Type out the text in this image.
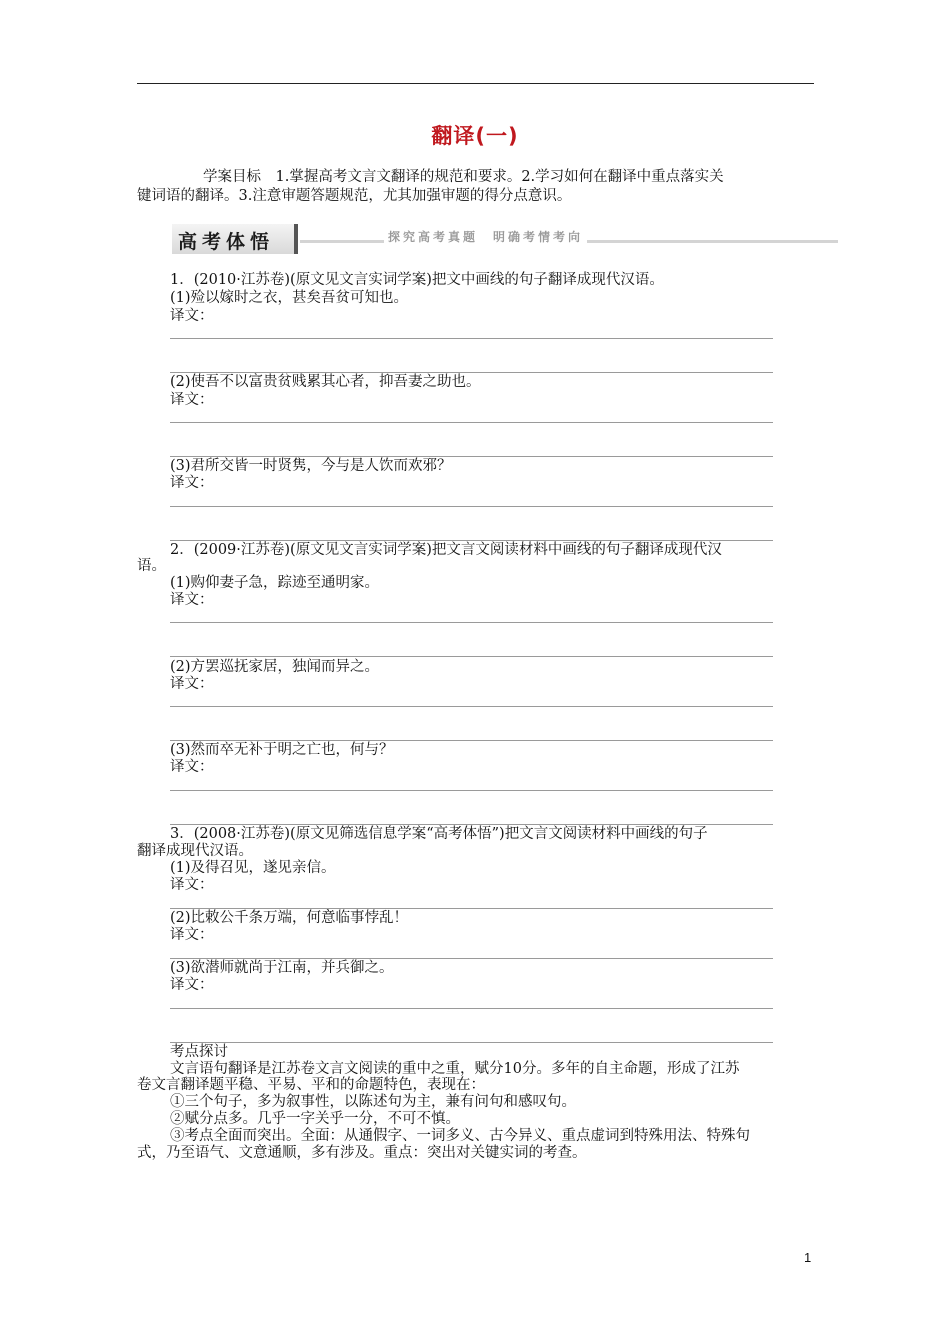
翻译(一)
学案目标　1.掌握高考文言文翻译的规范和要求。2.学习如何在翻译中重点落实关
键词语的翻译。3.注意审题答题规范，尤其加强审题的得分点意识。
高考体悟	探究高考真题　明确考情考向
1．(2010·江苏卷)(原文见文言实词学案)把文中画线的句子翻译成现代汉语。
(1)殓以嫁时之衣，甚矣吾贫可知也。
译文：
(2)使吾不以富贵贫贱累其心者，抑吾妻之助也。
译文：
(3)君所交皆一时贤隽，今与是人饮而欢邪？
译文：
2．(2009·江苏卷)(原文见文言实词学案)把文言文阅读材料中画线的句子翻译成现代汉
语。
(1)购仰妻子急，踪迹至通明家。
译文：
(2)方罢巡抚家居，独闻而异之。
译文：
(3)然而卒无补于明之亡也，何与？
译文：
3．(2008·江苏卷)(原文见筛选信息学案“高考体悟”)把文言文阅读材料中画线的句子
翻译成现代汉语。
(1)及得召见，遂见亲信。
译文：
(2)比敕公千条万端，何意临事悖乱！
译文：
(3)欲潜师就尚于江南，并兵御之。
译文：
考点探讨
文言语句翻译是江苏卷文言文阅读的重中之重，赋分10分。多年的自主命题，形成了江苏
卷文言翻译题平稳、平易、平和的命题特色，表现在：
①三个句子，多为叙事性，以陈述句为主，兼有问句和感叹句。
②赋分点多。几乎一字关乎一分，不可不慎。
③考点全面而突出。全面：从通假字、一词多义、古今异义、重点虚词到特殊用法、特殊句
式，乃至语气、文意通顺，多有涉及。重点：突出对关键实词的考查。
1
